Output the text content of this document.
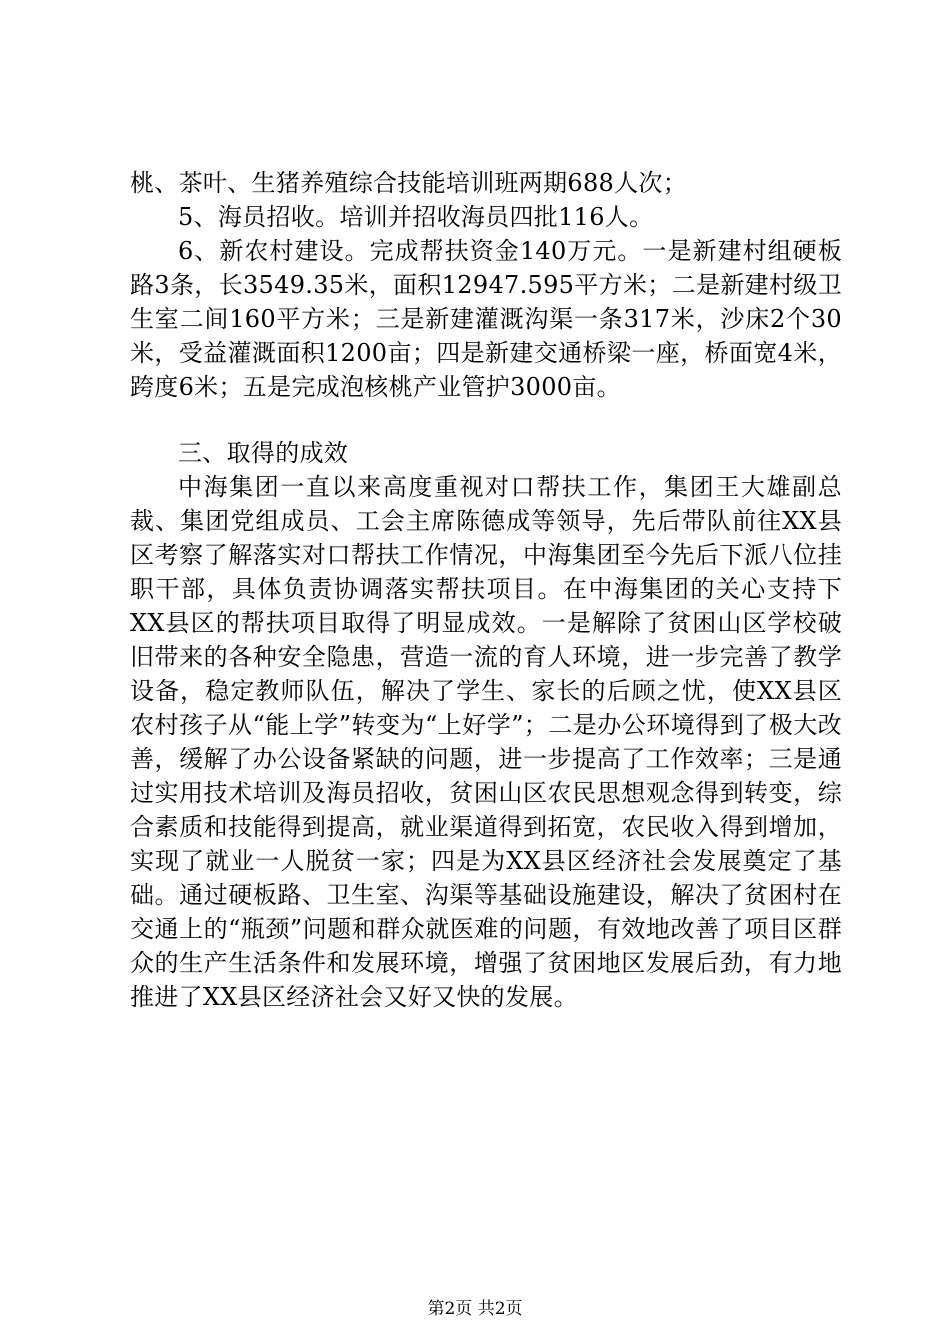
桃、茶叶、生猪养殖综合技能培训班两期688人次；

5、海员招收。培训并招收海员四批116人。

6、新农村建设。完成帮扶资金140万元。一是新建村组硬板路3条，长3549.35米，面积12947.595平方米；二是新建村级卫生室二间160平方米；三是新建灌溉沟渠一条317米，沙床2个30米，受益灌溉面积1200亩；四是新建交通桥梁一座，桥面宽4米，跨度6米；五是完成泡核桃产业管护3000亩。

三、取得的成效

中海集团一直以来高度重视对口帮扶工作，集团王大雄副总裁、集团党组成员、工会主席陈德成等领导，先后带队前往XX县区考察了解落实对口帮扶工作情况，中海集团至今先后下派八位挂职干部，具体负责协调落实帮扶项目。在中海集团的关心支持下XX县区的帮扶项目取得了明显成效。一是解除了贫困山区学校破旧带来的各种安全隐患，营造一流的育人环境，进一步完善了教学设备，稳定教师队伍，解决了学生、家长的后顾之忧，使XX县区农村孩子从“能上学”转变为“上好学”；二是办公环境得到了极大改善，缓解了办公设备紧缺的问题，进一步提高了工作效率；三是通过实用技术培训及海员招收，贫困山区农民思想观念得到转变，综合素质和技能得到提高，就业渠道得到拓宽，农民收入得到增加，实现了就业一人脱贫一家；四是为XX县区经济社会发展奠定了基础。通过硬板路、卫生室、沟渠等基础设施建设，解决了贫困村在交通上的“瓶颈”问题和群众就医难的问题，有效地改善了项目区群众的生产生活条件和发展环境，增强了贫困地区发展后劲，有力地推进了XX县区经济社会又好又快的发展。

第2页 共2页
